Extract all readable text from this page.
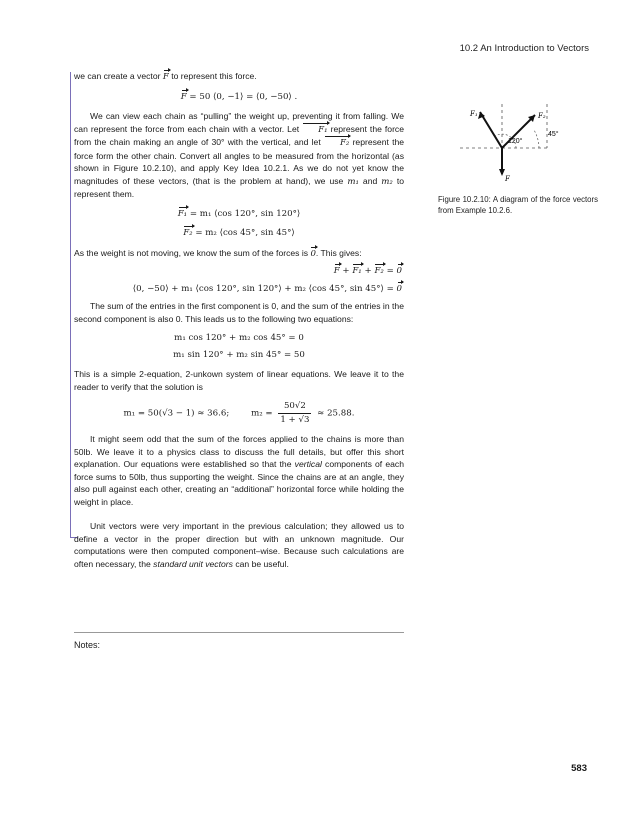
10.2 An Introduction to Vectors

we can create a vector F to represent this force.

F = 50 ⟨0, −1⟩ = ⟨0, −50⟩ .

We can view each chain as “pulling” the weight up, preventing it from falling. We can represent the force from each chain with a vector. Let F₁ represent the force from the chain making an angle of 30° with the vertical, and let F₂ represent the force form the other chain. Convert all angles to be measured from the horizontal (as shown in Figure 10.2.10), and apply Key Idea 10.2.1. As we do not yet know the magnitudes of these vectors, (that is the problem at hand), we use m₁ and m₂ to represent them.

F₁ = m₁ ⟨cos 120°, sin 120°⟩
F₂ = m₂ ⟨cos 45°, sin 45°⟩

As the weight is not moving, we know the sum of the forces is 0. This gives:

F + F₁ + F₂ = 0
⟨0, −50⟩ + m₁ ⟨cos 120°, sin 120°⟩ + m₂ ⟨cos 45°, sin 45°⟩ = 0

The sum of the entries in the first component is 0, and the sum of the entries in the second component is also 0. This leads us to the following two equations:

m₁ cos 120° + m₂ cos 45° = 0
m₁ sin 120° + m₂ sin 45° = 50

This is a simple 2-equation, 2-unkown system of linear equations. We leave it to the reader to verify that the solution is

m₁ = 50(√3 − 1) ≈ 36.6;	$m_2 = \frac{50√2}{1 + √3} \approx 25.88$.

It might seem odd that the sum of the forces applied to the chains is more than 50lb. We leave it to a physics class to discuss the full details, but offer this short explanation. Our equations were established so that the vertical components of each force sums to 50lb, thus supporting the weight. Since the chains are at an angle, they also pull against each other, creating an “additional” horizontal force while holding the weight in place.

Unit vectors were very important in the previous calculation; they allowed us to define a vector in the proper direction but with an unknown magnitude. Our computations were then computed component–wise. Because such calculations are often necessary, the standard unit vectors can be useful.

F₁	F₂
F
120°
45°
Figure 10.2.10: A diagram of the force vectors from Example 10.2.6.
Notes:
583
